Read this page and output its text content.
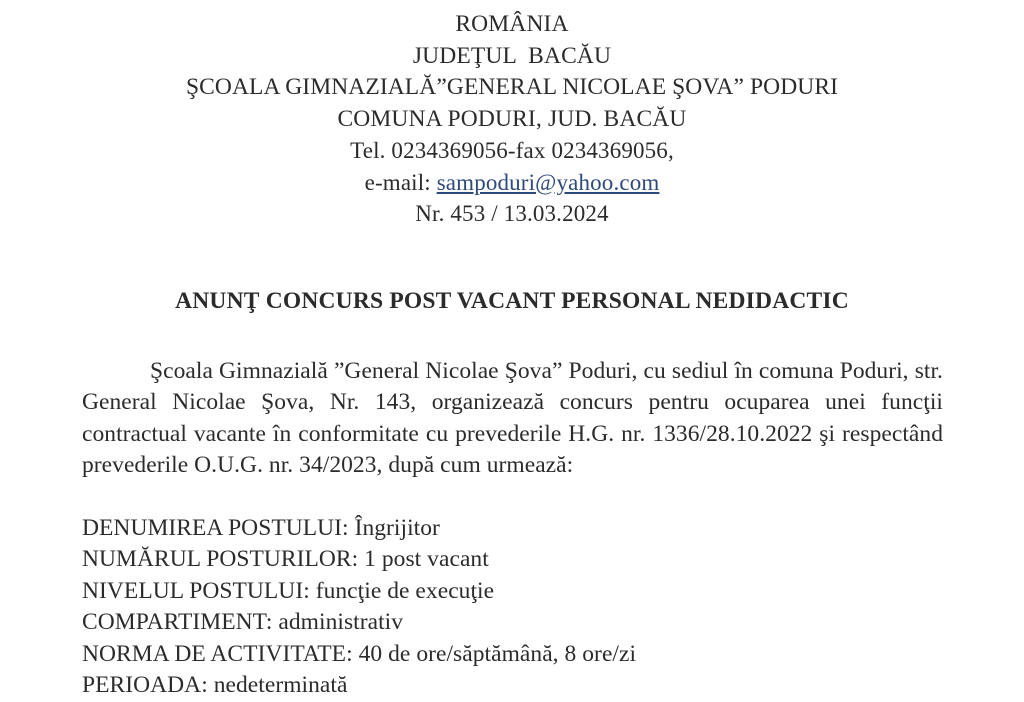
ROMÂNIA
JUDEŢUL  BACĂU
ŞCOALA GIMNAZIALĂ”GENERAL NICOLAE ŞOVA” PODURI
COMUNA PODURI, JUD. BACĂU
Tel. 0234369056-fax 0234369056,
e-mail: sampoduri@yahoo.com
Nr. 453 / 13.03.2024
ANUNŢ CONCURS POST VACANT PERSONAL NEDIDACTIC

Şcoala Gimnazială ”General Nicolae Şova” Poduri, cu sediul în comuna Poduri, str. General Nicolae Şova, Nr. 143, organizează concurs pentru ocuparea unei funcţii contractual vacante în conformitate cu prevederile H.G. nr. 1336/28.10.2022 şi respectând prevederile O.U.G. nr. 34/2023, după cum urmează:

DENUMIREA POSTULUI: Îngrijitor
NUMĂRUL POSTURILOR: 1 post vacant
NIVELUL POSTULUI: funcţie de execuţie
COMPARTIMENT: administrativ
NORMA DE ACTIVITATE: 40 de ore/săptămână, 8 ore/zi
PERIOADA: nedeterminată
